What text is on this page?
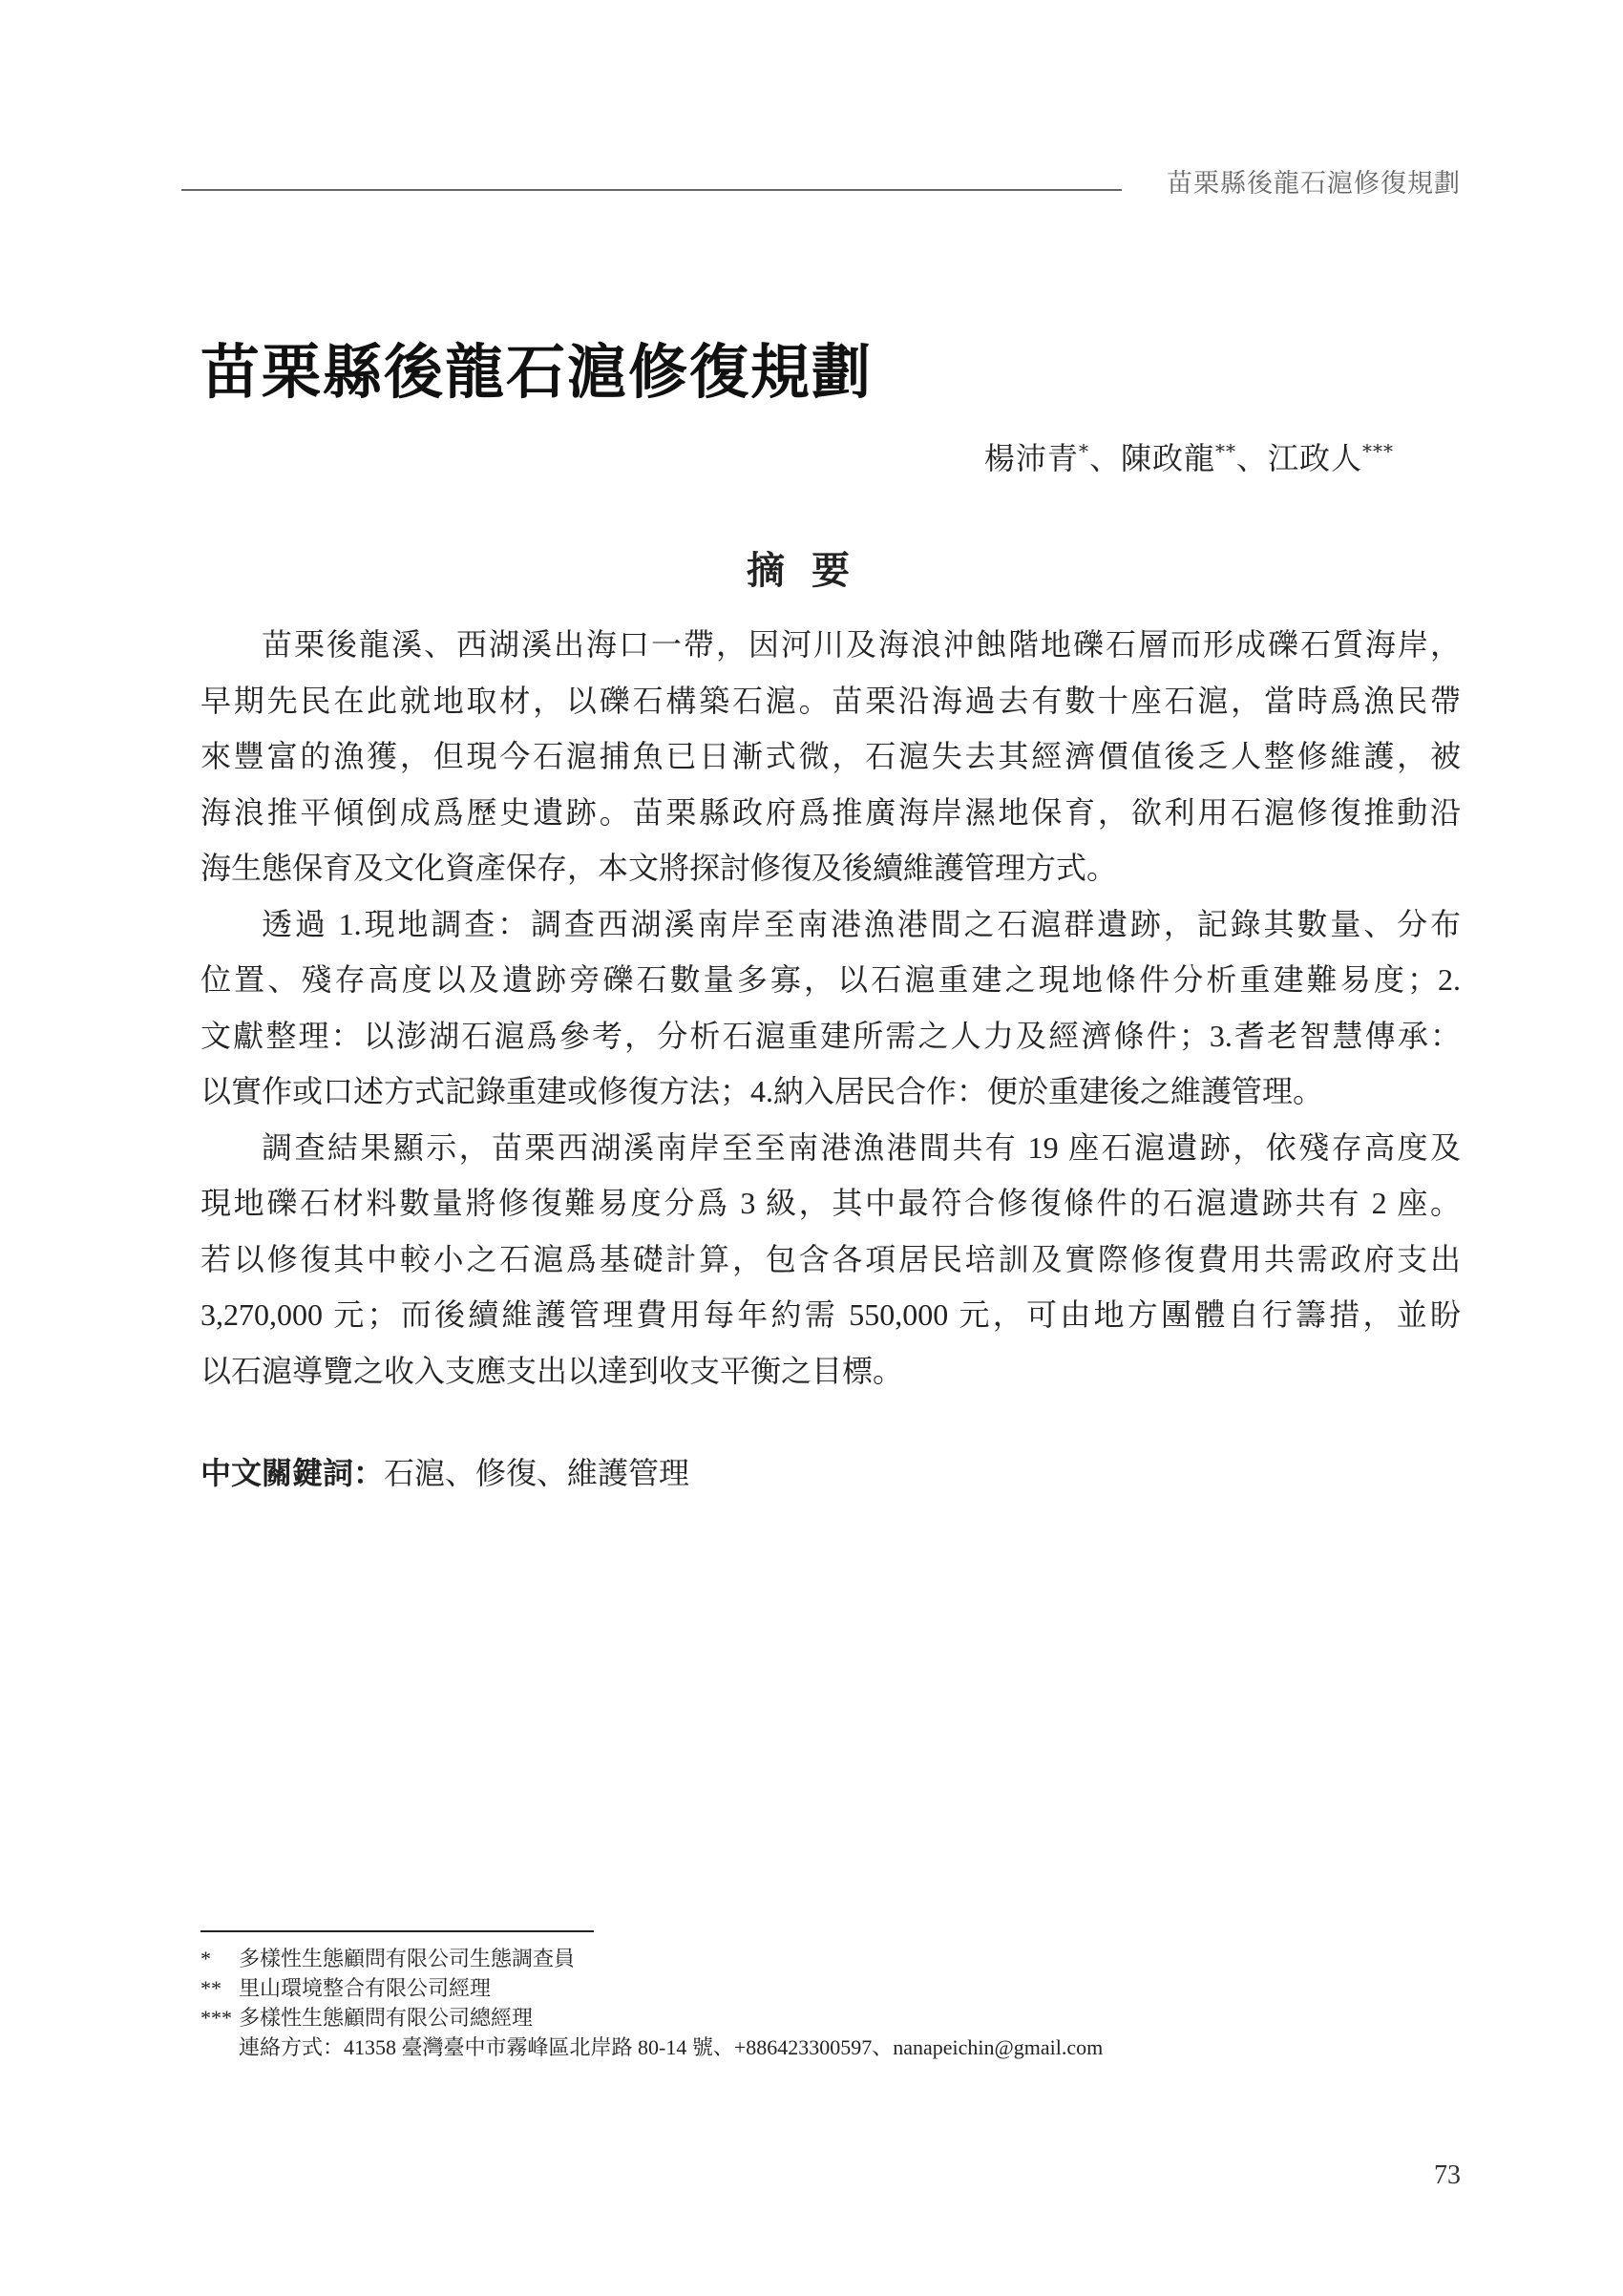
苗栗縣後龍石滬修復規劃
苗栗縣後龍石滬修復規劃
楊沛青*、陳政龍**、江政人***
摘要
苗栗後龍溪、西湖溪出海口一帶，因河川及海浪沖蝕階地礫石層而形成礫石質海岸，
早期先民在此就地取材，以礫石構築石滬。苗栗沿海過去有數十座石滬，當時爲漁民帶
來豐富的漁獲，但現今石滬捕魚已日漸式微，石滬失去其經濟價值後乏人整修維護，被
海浪推平傾倒成爲歷史遺跡。苗栗縣政府爲推廣海岸濕地保育，欲利用石滬修復推動沿
海生態保育及文化資產保存，本文將探討修復及後續維護管理方式。
透過 1.現地調查：調查西湖溪南岸至南港漁港間之石滬群遺跡，記錄其數量、分布
位置、殘存高度以及遺跡旁礫石數量多寡，以石滬重建之現地條件分析重建難易度；2.
文獻整理：以澎湖石滬爲參考，分析石滬重建所需之人力及經濟條件；3.耆老智慧傳承：
以實作或口述方式記錄重建或修復方法；4.納入居民合作：便於重建後之維護管理。
調查結果顯示，苗栗西湖溪南岸至至南港漁港間共有 19 座石滬遺跡，依殘存高度及
現地礫石材料數量將修復難易度分爲 3 級，其中最符合修復條件的石滬遺跡共有 2 座。
若以修復其中較小之石滬爲基礎計算，包含各項居民培訓及實際修復費用共需政府支出
3,270,000 元；而後續維護管理費用每年約需 550,000 元，可由地方團體自行籌措，並盼
以石滬導覽之收入支應支出以達到收支平衡之目標。
中文關鍵詞：石滬、修復、維護管理
* 多樣性生態顧問有限公司生態調查員
** 里山環境整合有限公司經理
*** 多樣性生態顧問有限公司總經理
連絡方式：41358 臺灣臺中市霧峰區北岸路 80-14 號、+886423300597、nanapeichin@gmail.com
73
